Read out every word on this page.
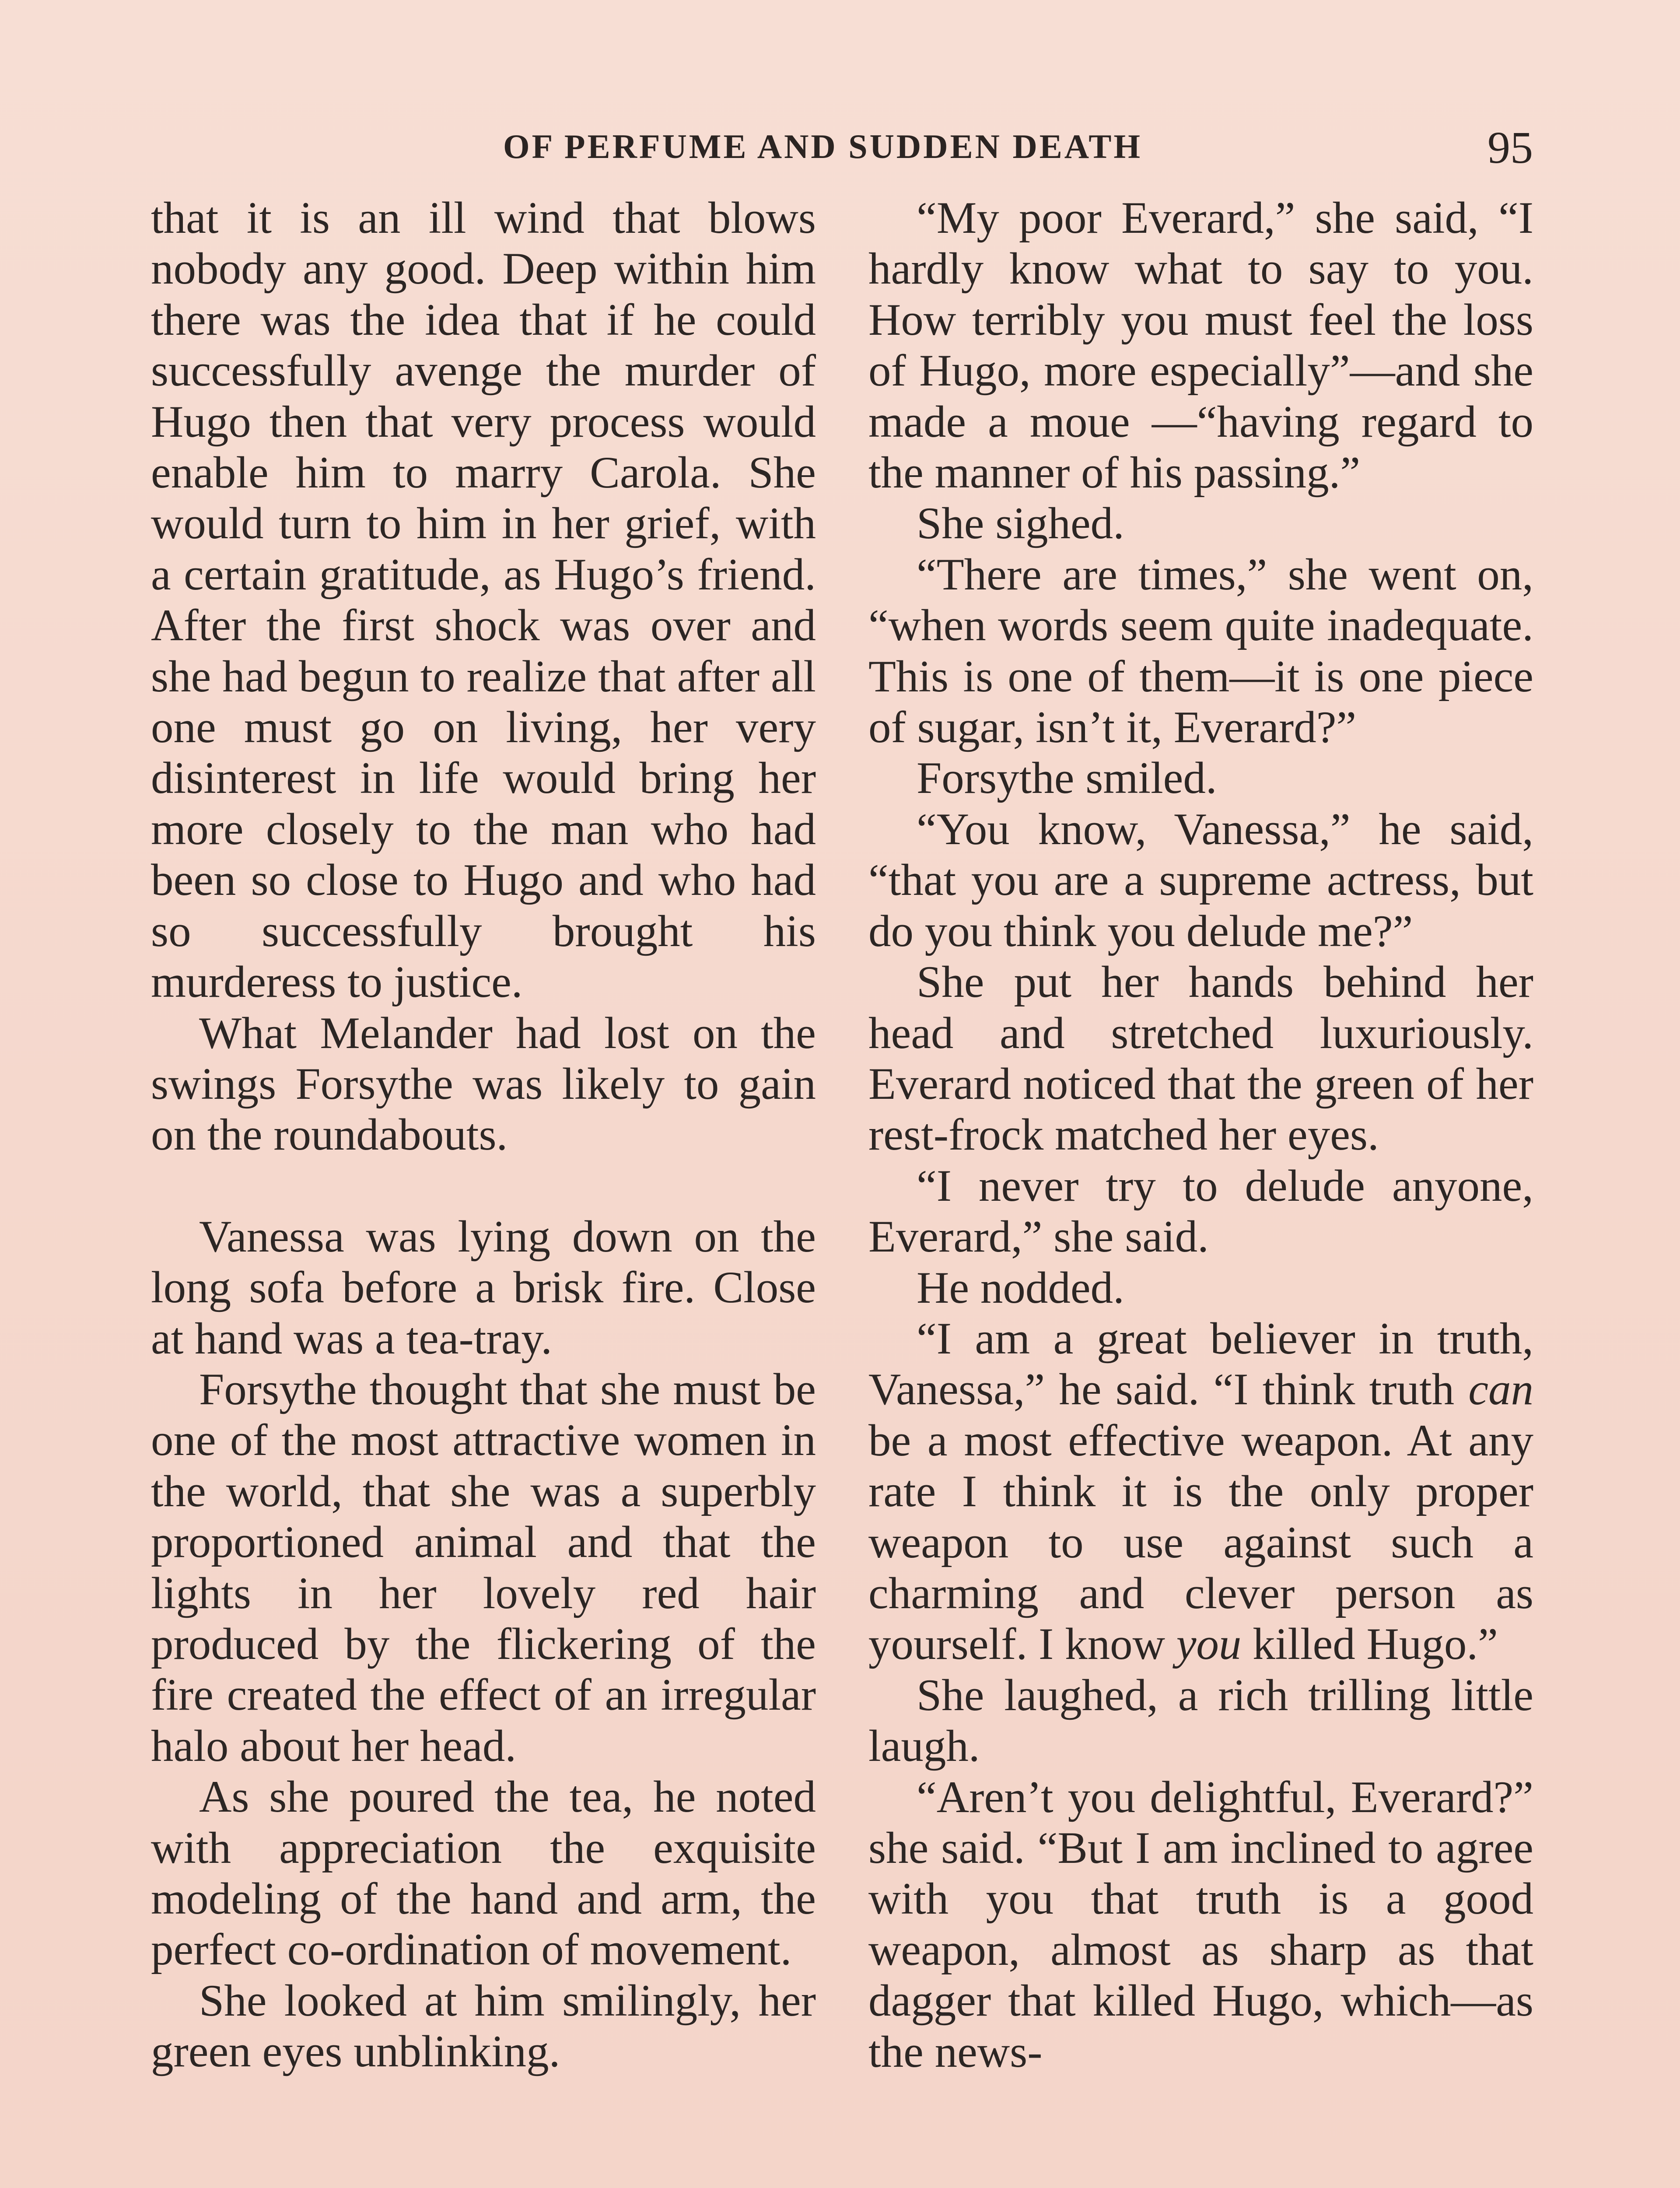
OF PERFUME AND SUDDEN DEATH	95

that it is an ill wind that blows nobody any good. Deep within him there was the idea that if he could successfully avenge the murder of Hugo then that very process would enable him to marry Carola. She would turn to him in her grief, with a certain gratitude, as Hugo’s friend. After the first shock was over and she had begun to realize that after all one must go on living, her very disinterest in life would bring her more closely to the man who had been so close to Hugo and who had so successfully brought his murderess to justice.

What Melander had lost on the swings Forsythe was likely to gain on the roundabouts.

Vanessa was lying down on the long sofa before a brisk fire. Close at hand was a tea-tray.

Forsythe thought that she must be one of the most attractive women in the world, that she was a superbly proportioned animal and that the lights in her lovely red hair produced by the flickering of the fire created the effect of an irregular halo about her head.

As she poured the tea, he noted with appreciation the exquisite modeling of the hand and arm, the perfect co-ordination of movement.

She looked at him smilingly, her green eyes unblinking.

“My poor Everard,” she said, “I hardly know what to say to you. How terribly you must feel the loss of Hugo, more especially”—and she made a moue —“having regard to the manner of his passing.”

She sighed.

“There are times,” she went on, “when words seem quite inadequate. This is one of them—it is one piece of sugar, isn’t it, Everard?”

Forsythe smiled.

“You know, Vanessa,” he said, “that you are a supreme actress, but do you think you delude me?”

She put her hands behind her head and stretched luxuriously. Everard noticed that the green of her rest-frock matched her eyes.

“I never try to delude anyone, Everard,” she said.

He nodded.

“I am a great believer in truth, Vanessa,” he said. “I think truth can be a most effective weapon. At any rate I think it is the only proper weapon to use against such a charming and clever person as yourself. I know you killed Hugo.”

She laughed, a rich trilling little laugh.

“Aren’t you delightful, Everard?” she said. “But I am inclined to agree with you that truth is a good weapon, almost as sharp as that dagger that killed Hugo, which—as the news-
